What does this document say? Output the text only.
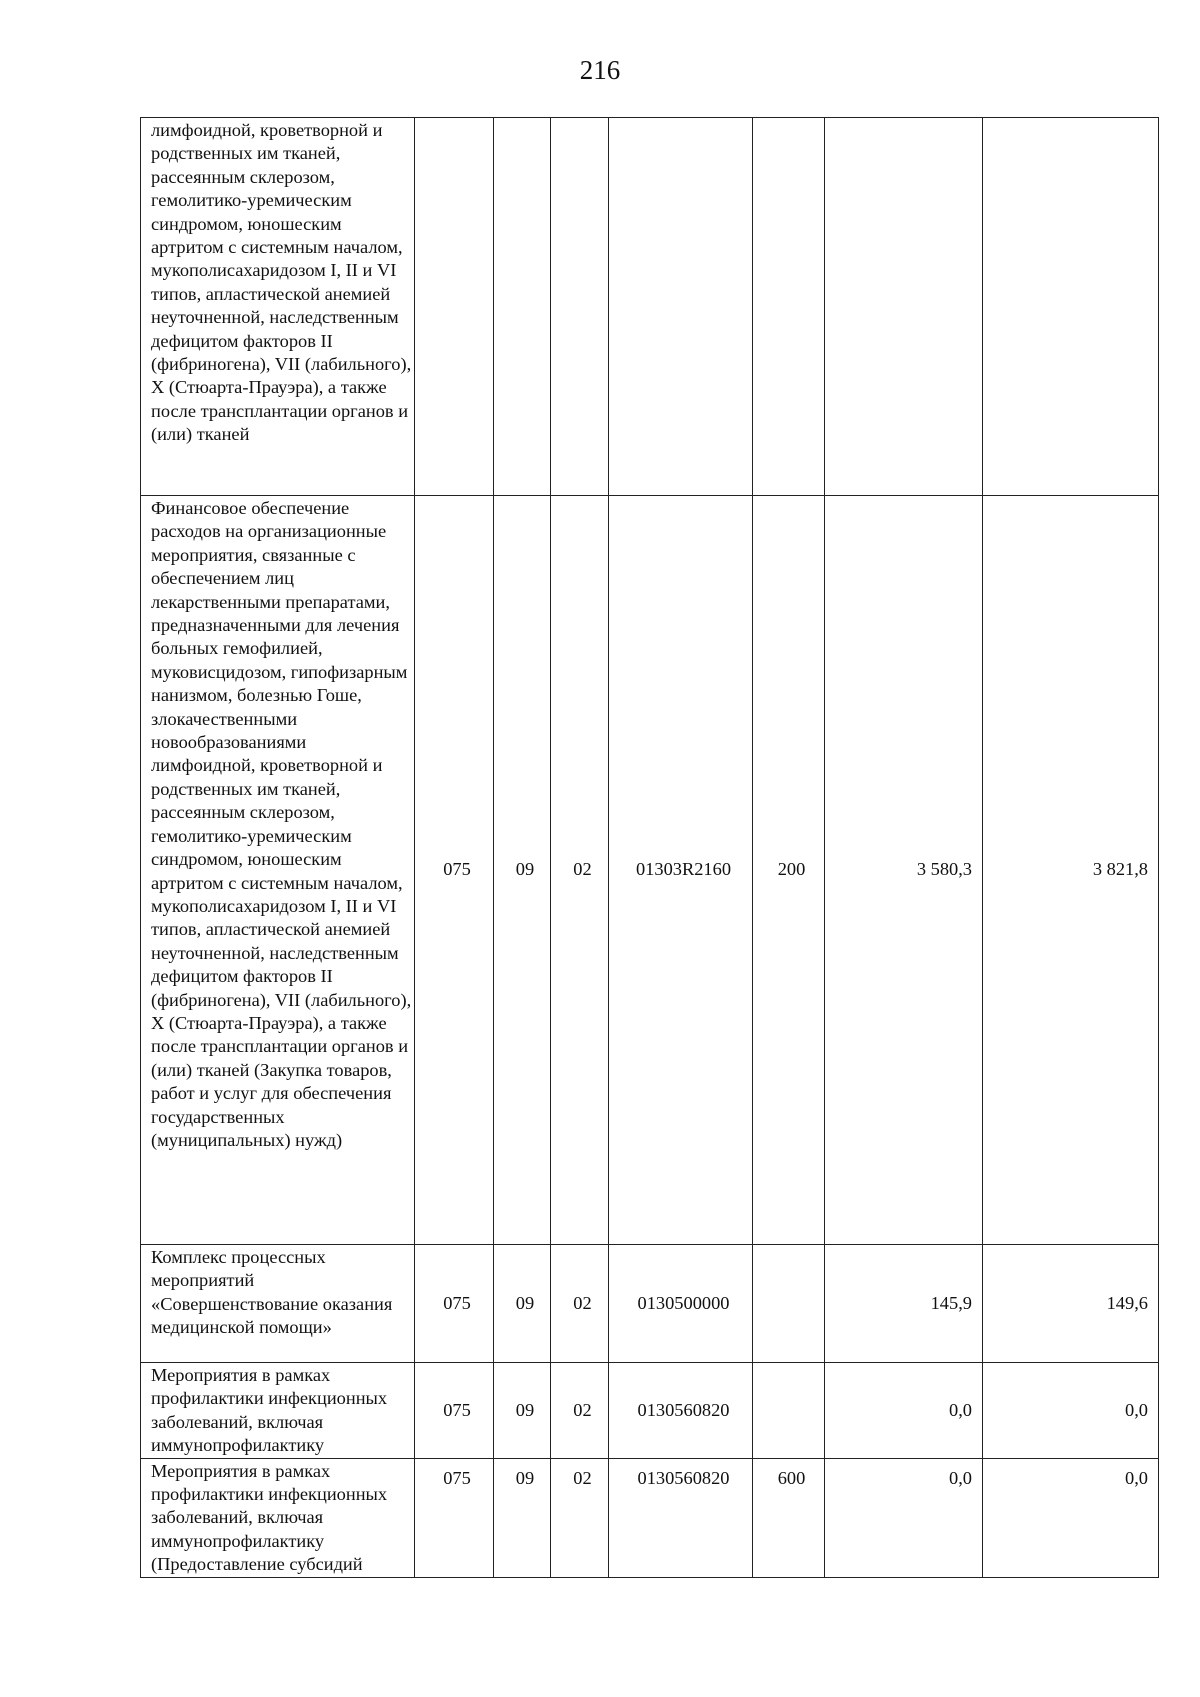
216
лимфоидной, кроветворной и родственных им тканей, рассеянным склерозом, гемолитико-уремическим синдромом, юношеским артритом с системным началом, мукополисахаридозом I, II и VI типов, апластической анемией неуточненной, наследственным дефицитом факторов II (фибриногена), VII (лабильного), X (Стюарта-Прауэра), а также после трансплантации органов и (или) тканей							
Финансовое обеспечение расходов на организационные мероприятия, связанные с обеспечением лиц лекарственными препаратами, предназначенными для лечения больных гемофилией, муковисцидозом, гипофизарным нанизмом, болезнью Гоше, злокачественными новообразованиями лимфоидной, кроветворной и родственных им тканей, рассеянным склерозом, гемолитико-уремическим синдромом, юношеским артритом с системным началом, мукополисахаридозом I, II и VI типов, апластической анемией неуточненной, наследственным дефицитом факторов II (фибриногена), VII (лабильного), X (Стюарта-Прауэра), а также после трансплантации органов и (или) тканей (Закупка товаров, работ и услуг для обеспечения государственных (муниципальных) нужд)	075	09	02	01303R2160	200	3 580,3	3 821,8
Комплекс процессных мероприятий «Совершенствование оказания медицинской помощи»	075	09	02	0130500000		145,9	149,6
Мероприятия в рамках профилактики инфекционных заболеваний, включая иммунопрофилактику	075	09	02	0130560820		0,0	0,0
Мероприятия в рамках профилактики инфекционных заболеваний, включая иммунопрофилактику (Предоставление субсидий	075	09	02	0130560820	600	0,0	0,0
